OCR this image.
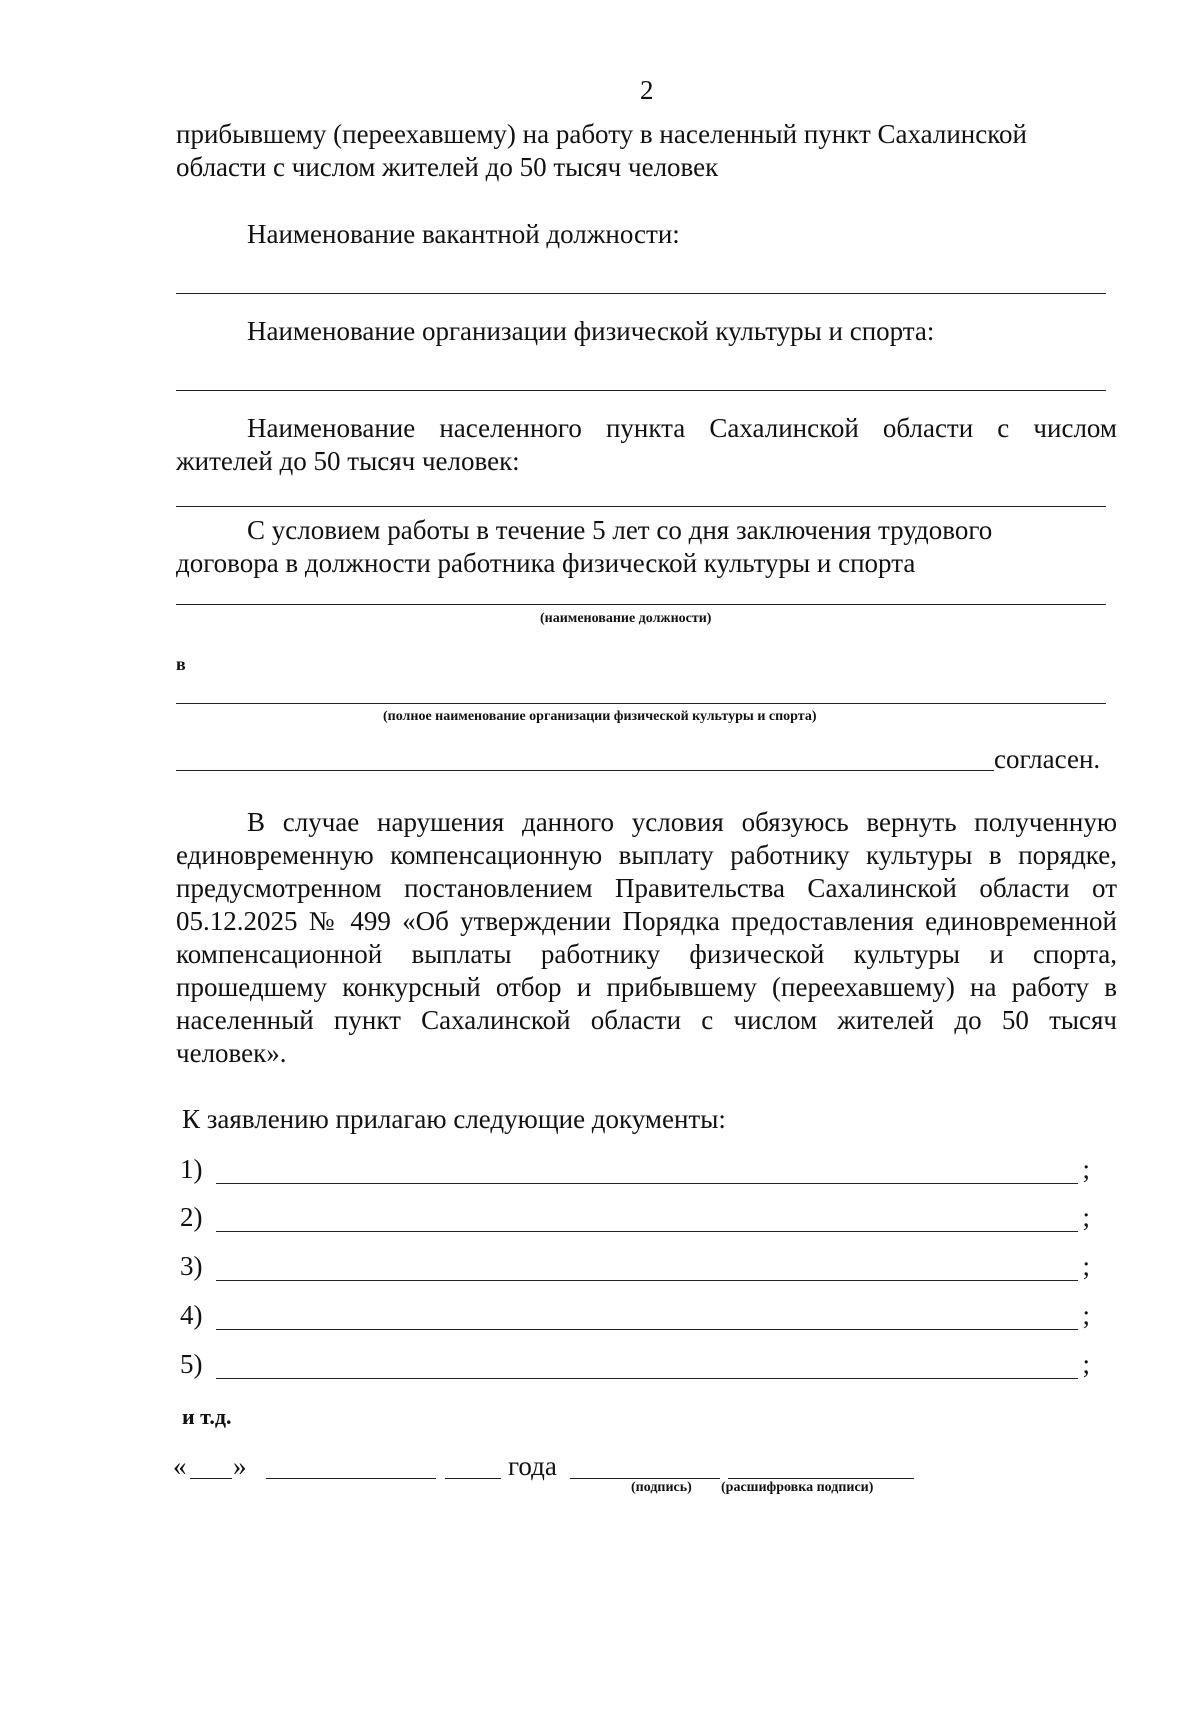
2
прибывшему (переехавшему) на работу в населенный пункт Сахалинской
области с числом жителей до 50 тысяч человек
Наименование вакантной должности:
Наименование организации физической культуры и спорта:
Наименование населенного пункта Сахалинской области с числом
жителей до 50 тысяч человек:
С условием работы в течение 5 лет со дня заключения трудового
договора в должности работника физической культуры и спорта
(наименование должности)
в
(полное наименование организации физической культуры и спорта)
согласен.
В случае нарушения данного условия обязуюсь вернуть полученную
единовременную компенсационную выплату работнику культуры в порядке,
предусмотренном постановлением Правительства Сахалинской области от
05.12.2025 № 499 «Об утверждении Порядка предоставления единовременной
компенсационной выплаты работнику физической культуры и спорта,
прошедшему конкурсный отбор и прибывшему (переехавшему) на работу в
населенный пункт Сахалинской области с числом жителей до 50 тысяч
человек».
К заявлению прилагаю следующие документы:
1)	;
2)	;
3)	;
4)	;
5)	;
и т.д.
« »	года
(подпись) (расшифровка подписи)
